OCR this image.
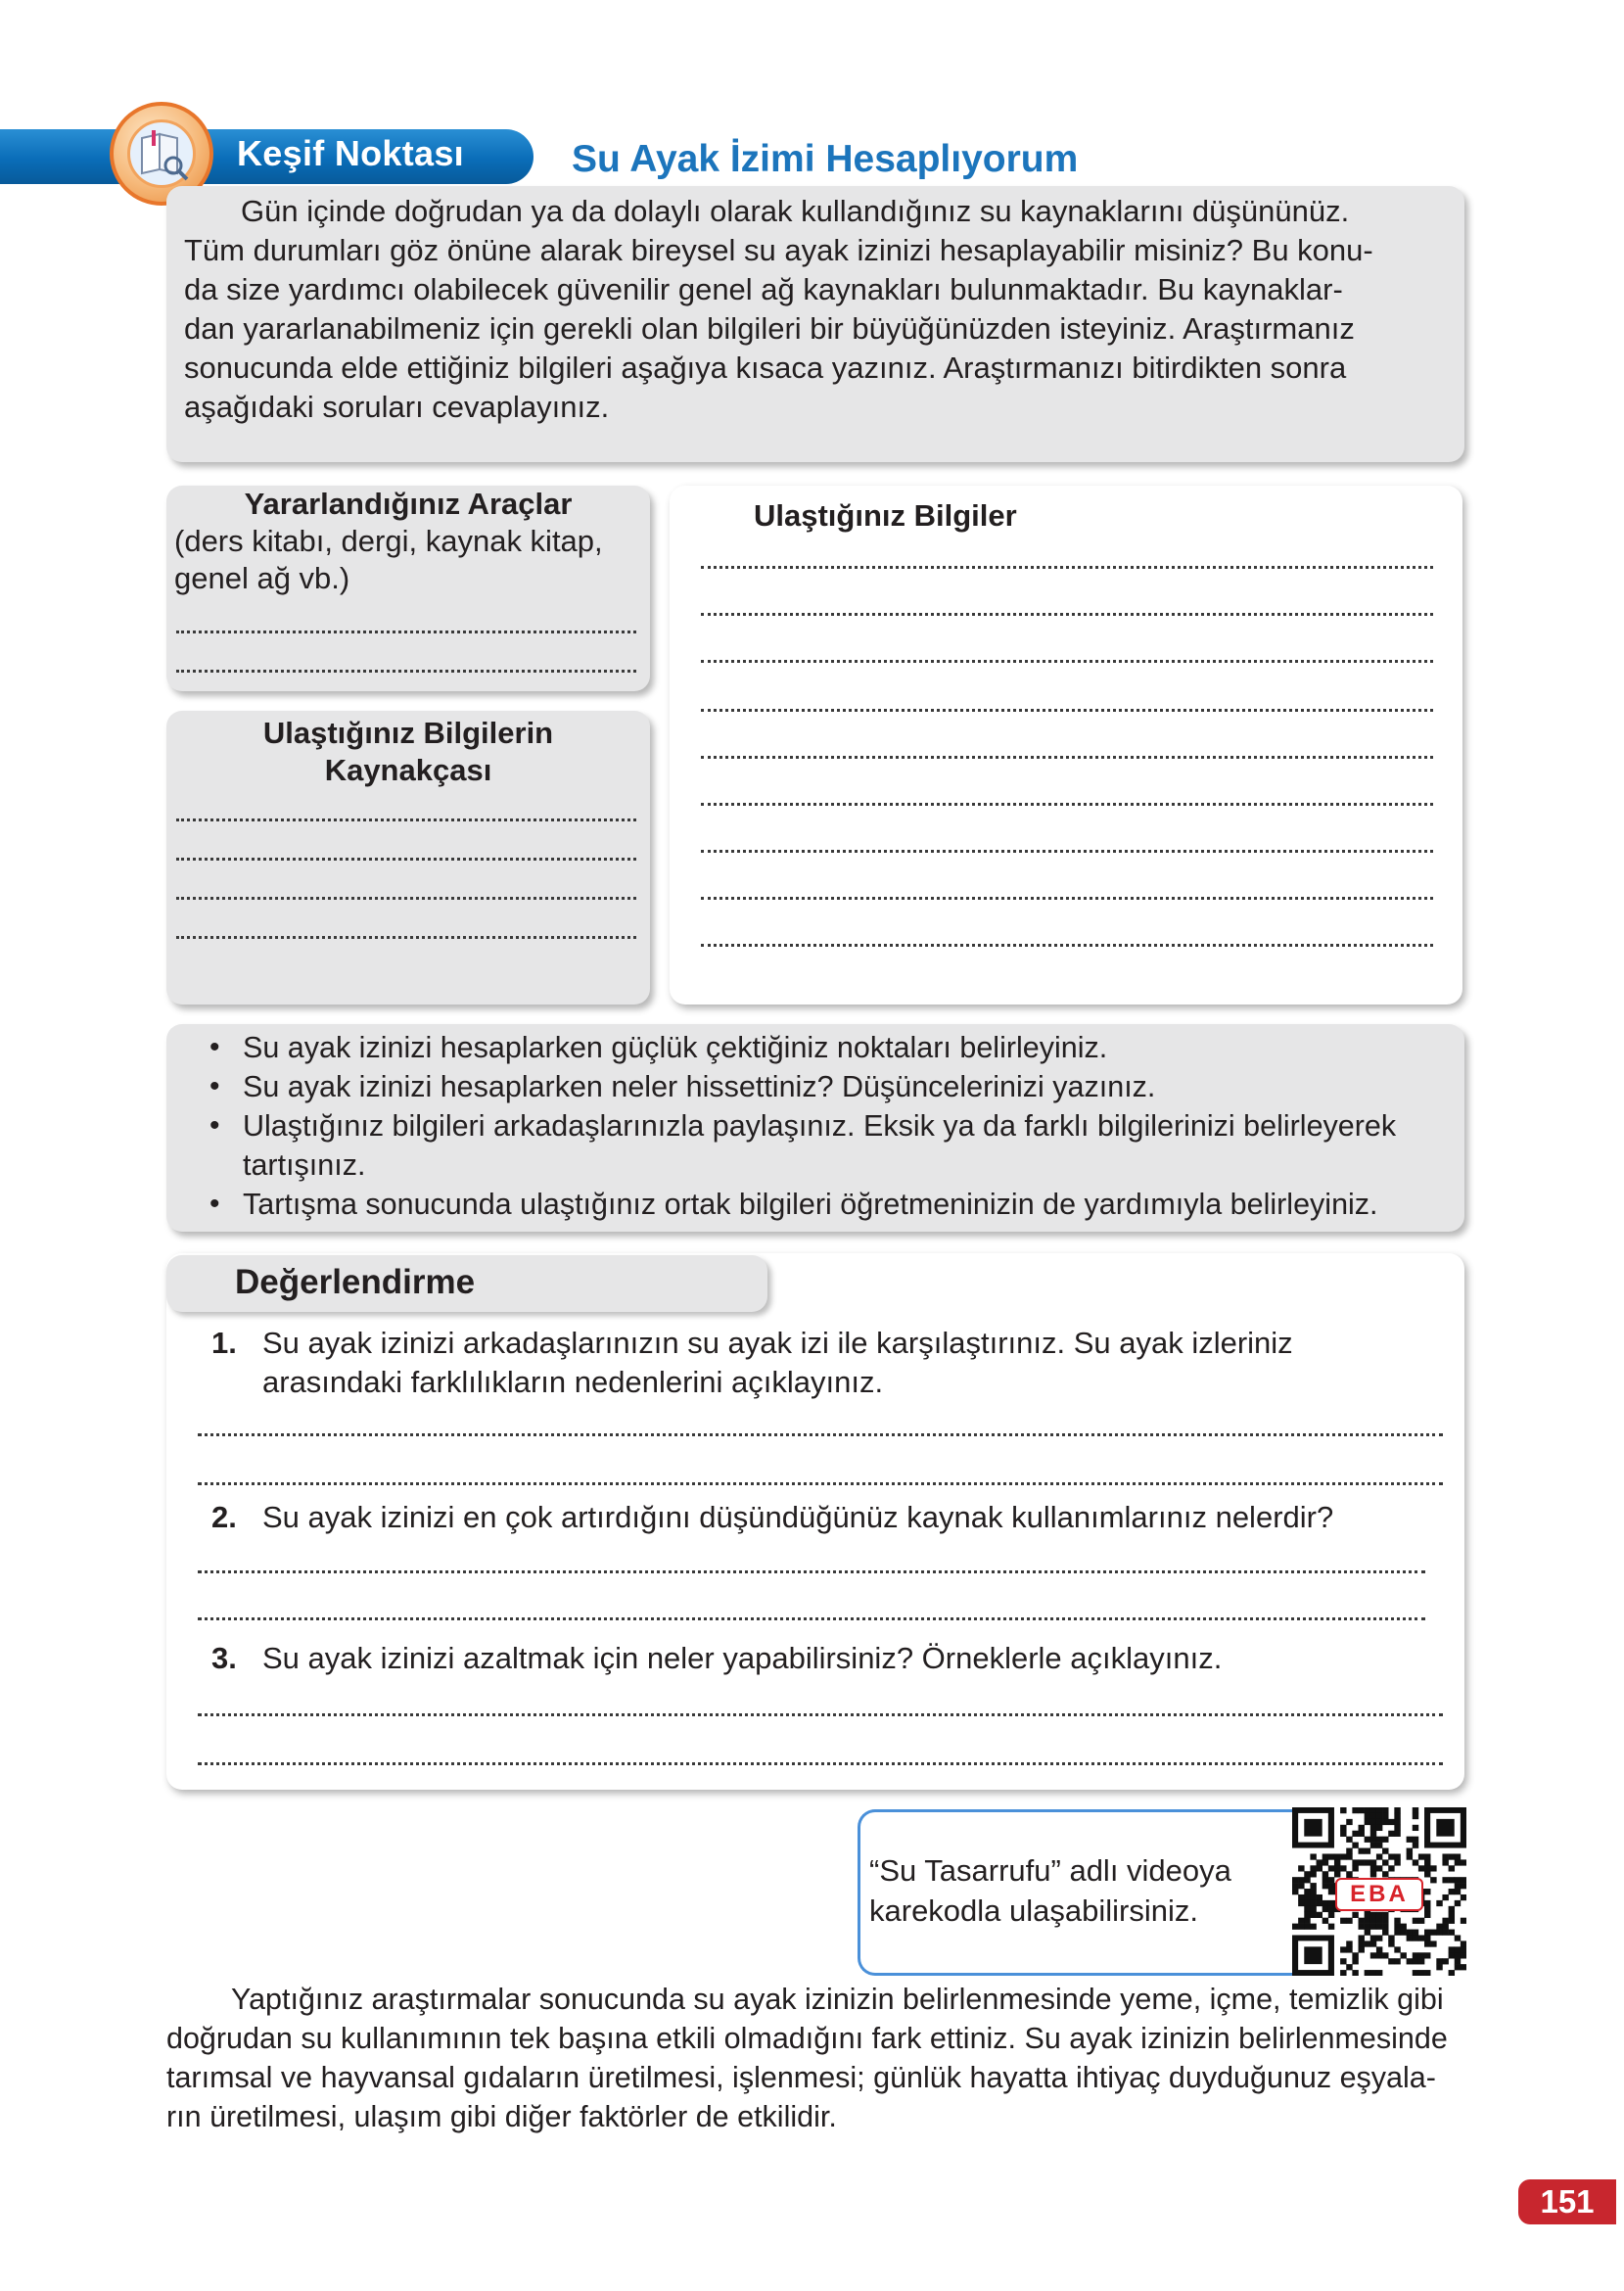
Keşif Noktası	Su Ayak İzimi Hesaplıyorum
Gün içinde doğrudan ya da dolaylı olarak kullandığınız su kaynaklarını düşününüz.
Tüm durumları göz önüne alarak bireysel su ayak izinizi hesaplayabilir misiniz? Bu konu-
da size yardımcı olabilecek güvenilir genel ağ kaynakları bulunmaktadır. Bu kaynaklar-
dan yararlanabilmeniz için gerekli olan bilgileri bir büyüğünüzden isteyiniz. Araştırmanız
sonucunda elde ettiğiniz bilgileri aşağıya kısaca yazınız. Araştırmanızı bitirdikten sonra
aşağıdaki soruları cevaplayınız.
Yararlandığınız Araçlar
(ders kitabı, dergi, kaynak kitap,
genel ağ vb.)
Ulaştığınız Bilgilerin
Kaynakçası
Ulaştığınız Bilgiler
• Su ayak izinizi hesaplarken güçlük çektiğiniz noktaları belirleyiniz.
• Su ayak izinizi hesaplarken neler hissettiniz? Düşüncelerinizi yazınız.
• Ulaştığınız bilgileri arkadaşlarınızla paylaşınız. Eksik ya da farklı bilgilerinizi belirleyerek tartışınız.
• Tartışma sonucunda ulaştığınız ortak bilgileri öğretmeninizin de yardımıyla belirleyiniz.
1. Su ayak izinizi arkadaşlarınızın su ayak izi ile karşılaştırınız. Su ayak izleriniz
arasındaki farklılıkların nedenlerini açıklayınız.
2. Su ayak izinizi en çok artırdığını düşündüğünüz kaynak kullanımlarınız nelerdir?
3. Su ayak izinizi azaltmak için neler yapabilirsiniz? Örneklerle açıklayınız.
Değerlendirme
“Su Tasarrufu” adlı videoya
karekodla ulaşabilirsiniz.	EBA
Yaptığınız araştırmalar sonucunda su ayak izinizin belirlenmesinde yeme, içme, temizlik gibi
doğrudan su kullanımının tek başına etkili olmadığını fark ettiniz. Su ayak izinizin belirlenmesinde
tarımsal ve hayvansal gıdaların üretilmesi, işlenmesi; günlük hayatta ihtiyaç duyduğunuz eşyala-
rın üretilmesi, ulaşım gibi diğer faktörler de etkilidir.
151
